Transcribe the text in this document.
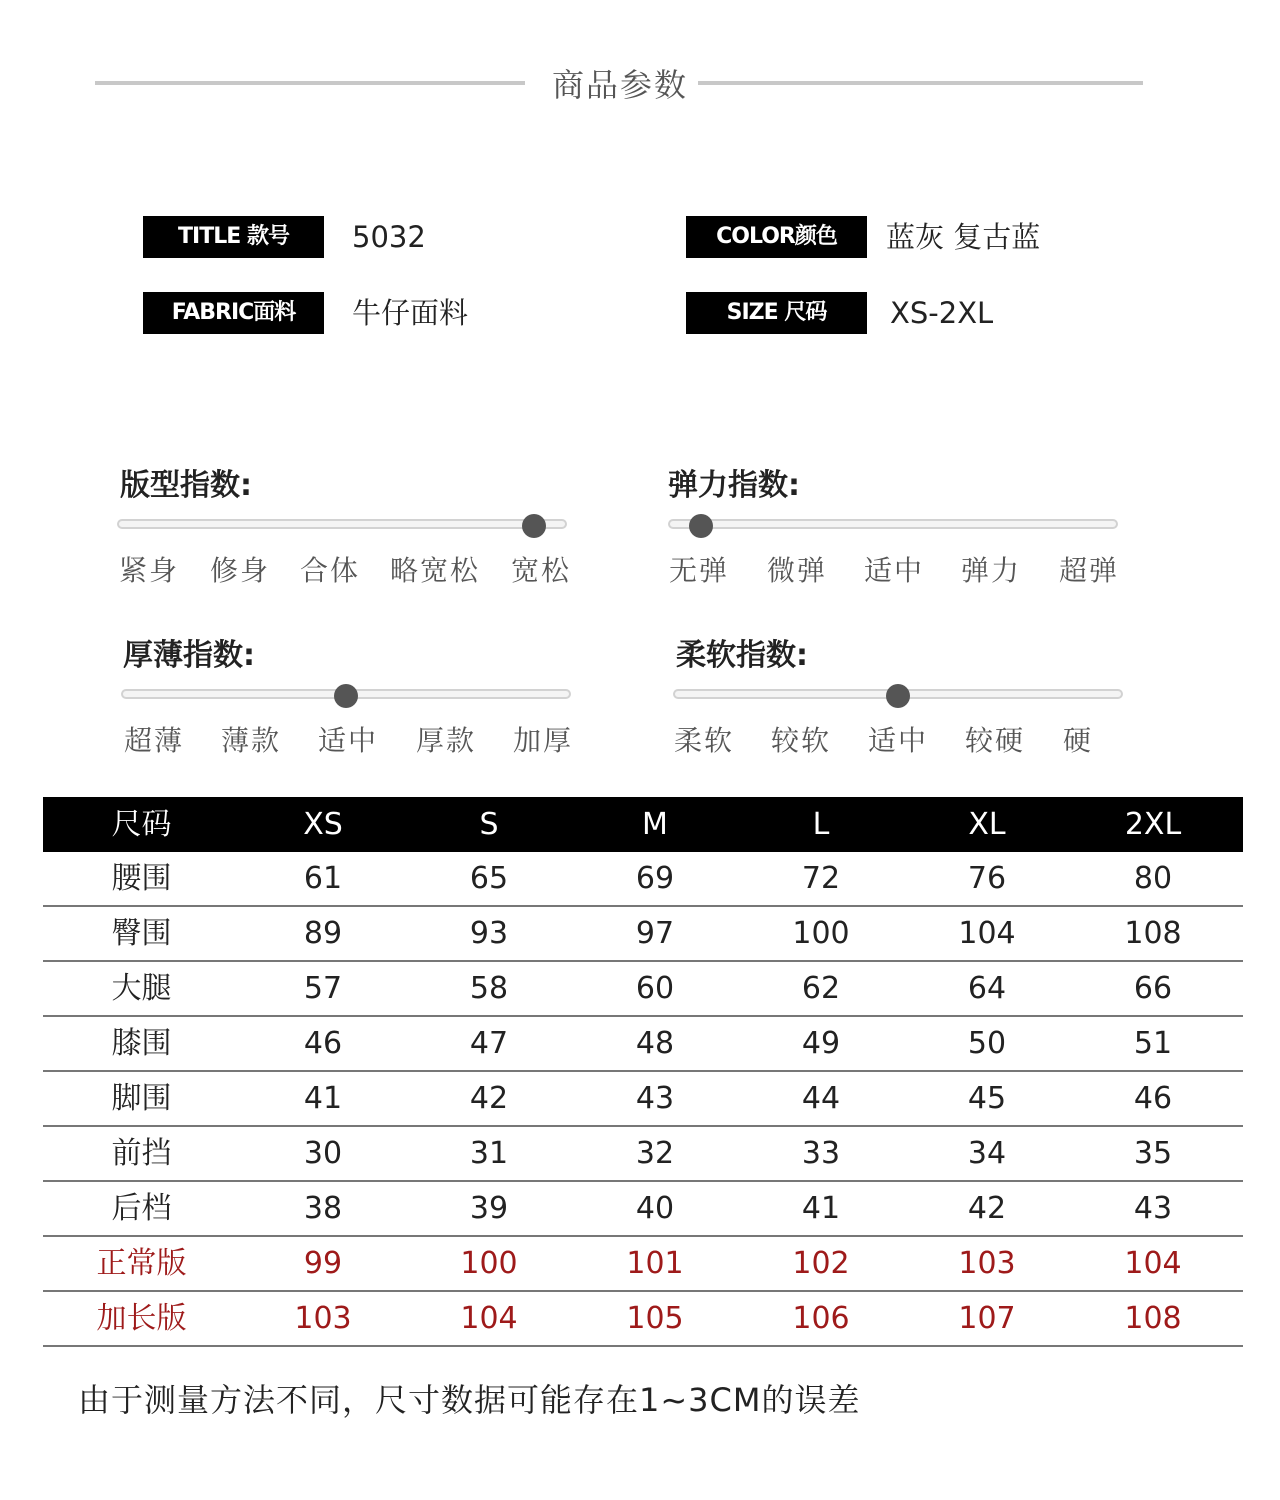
商品参数
TITLE 款号	5032	COLOR颜色	蓝灰 复古蓝
FABRIC面料	牛仔面料	SIZE 尺码	XS-2XL
版型指数:
紧身 修身 合体 略宽松 宽松
弹力指数:
无弹 微弹 适中 弹力 超弹
厚薄指数:
超薄 薄款 适中 厚款 加厚
柔软指数:
柔软 较软 适中 较硬 硬
尺码	XS	S	M	L	XL	2XL
腰围	61	65	69	72	76	80
臀围	89	93	97	100	104	108
大腿	57	58	60	62	64	66
膝围	46	47	48	49	50	51
脚围	41	42	43	44	45	46
前挡	30	31	32	33	34	35
后档	38	39	40	41	42	43
正常版	99	100	101	102	103	104
加长版	103	104	105	106	107	108
由于测量方法不同，尺寸数据可能存在1~3CM的误差
